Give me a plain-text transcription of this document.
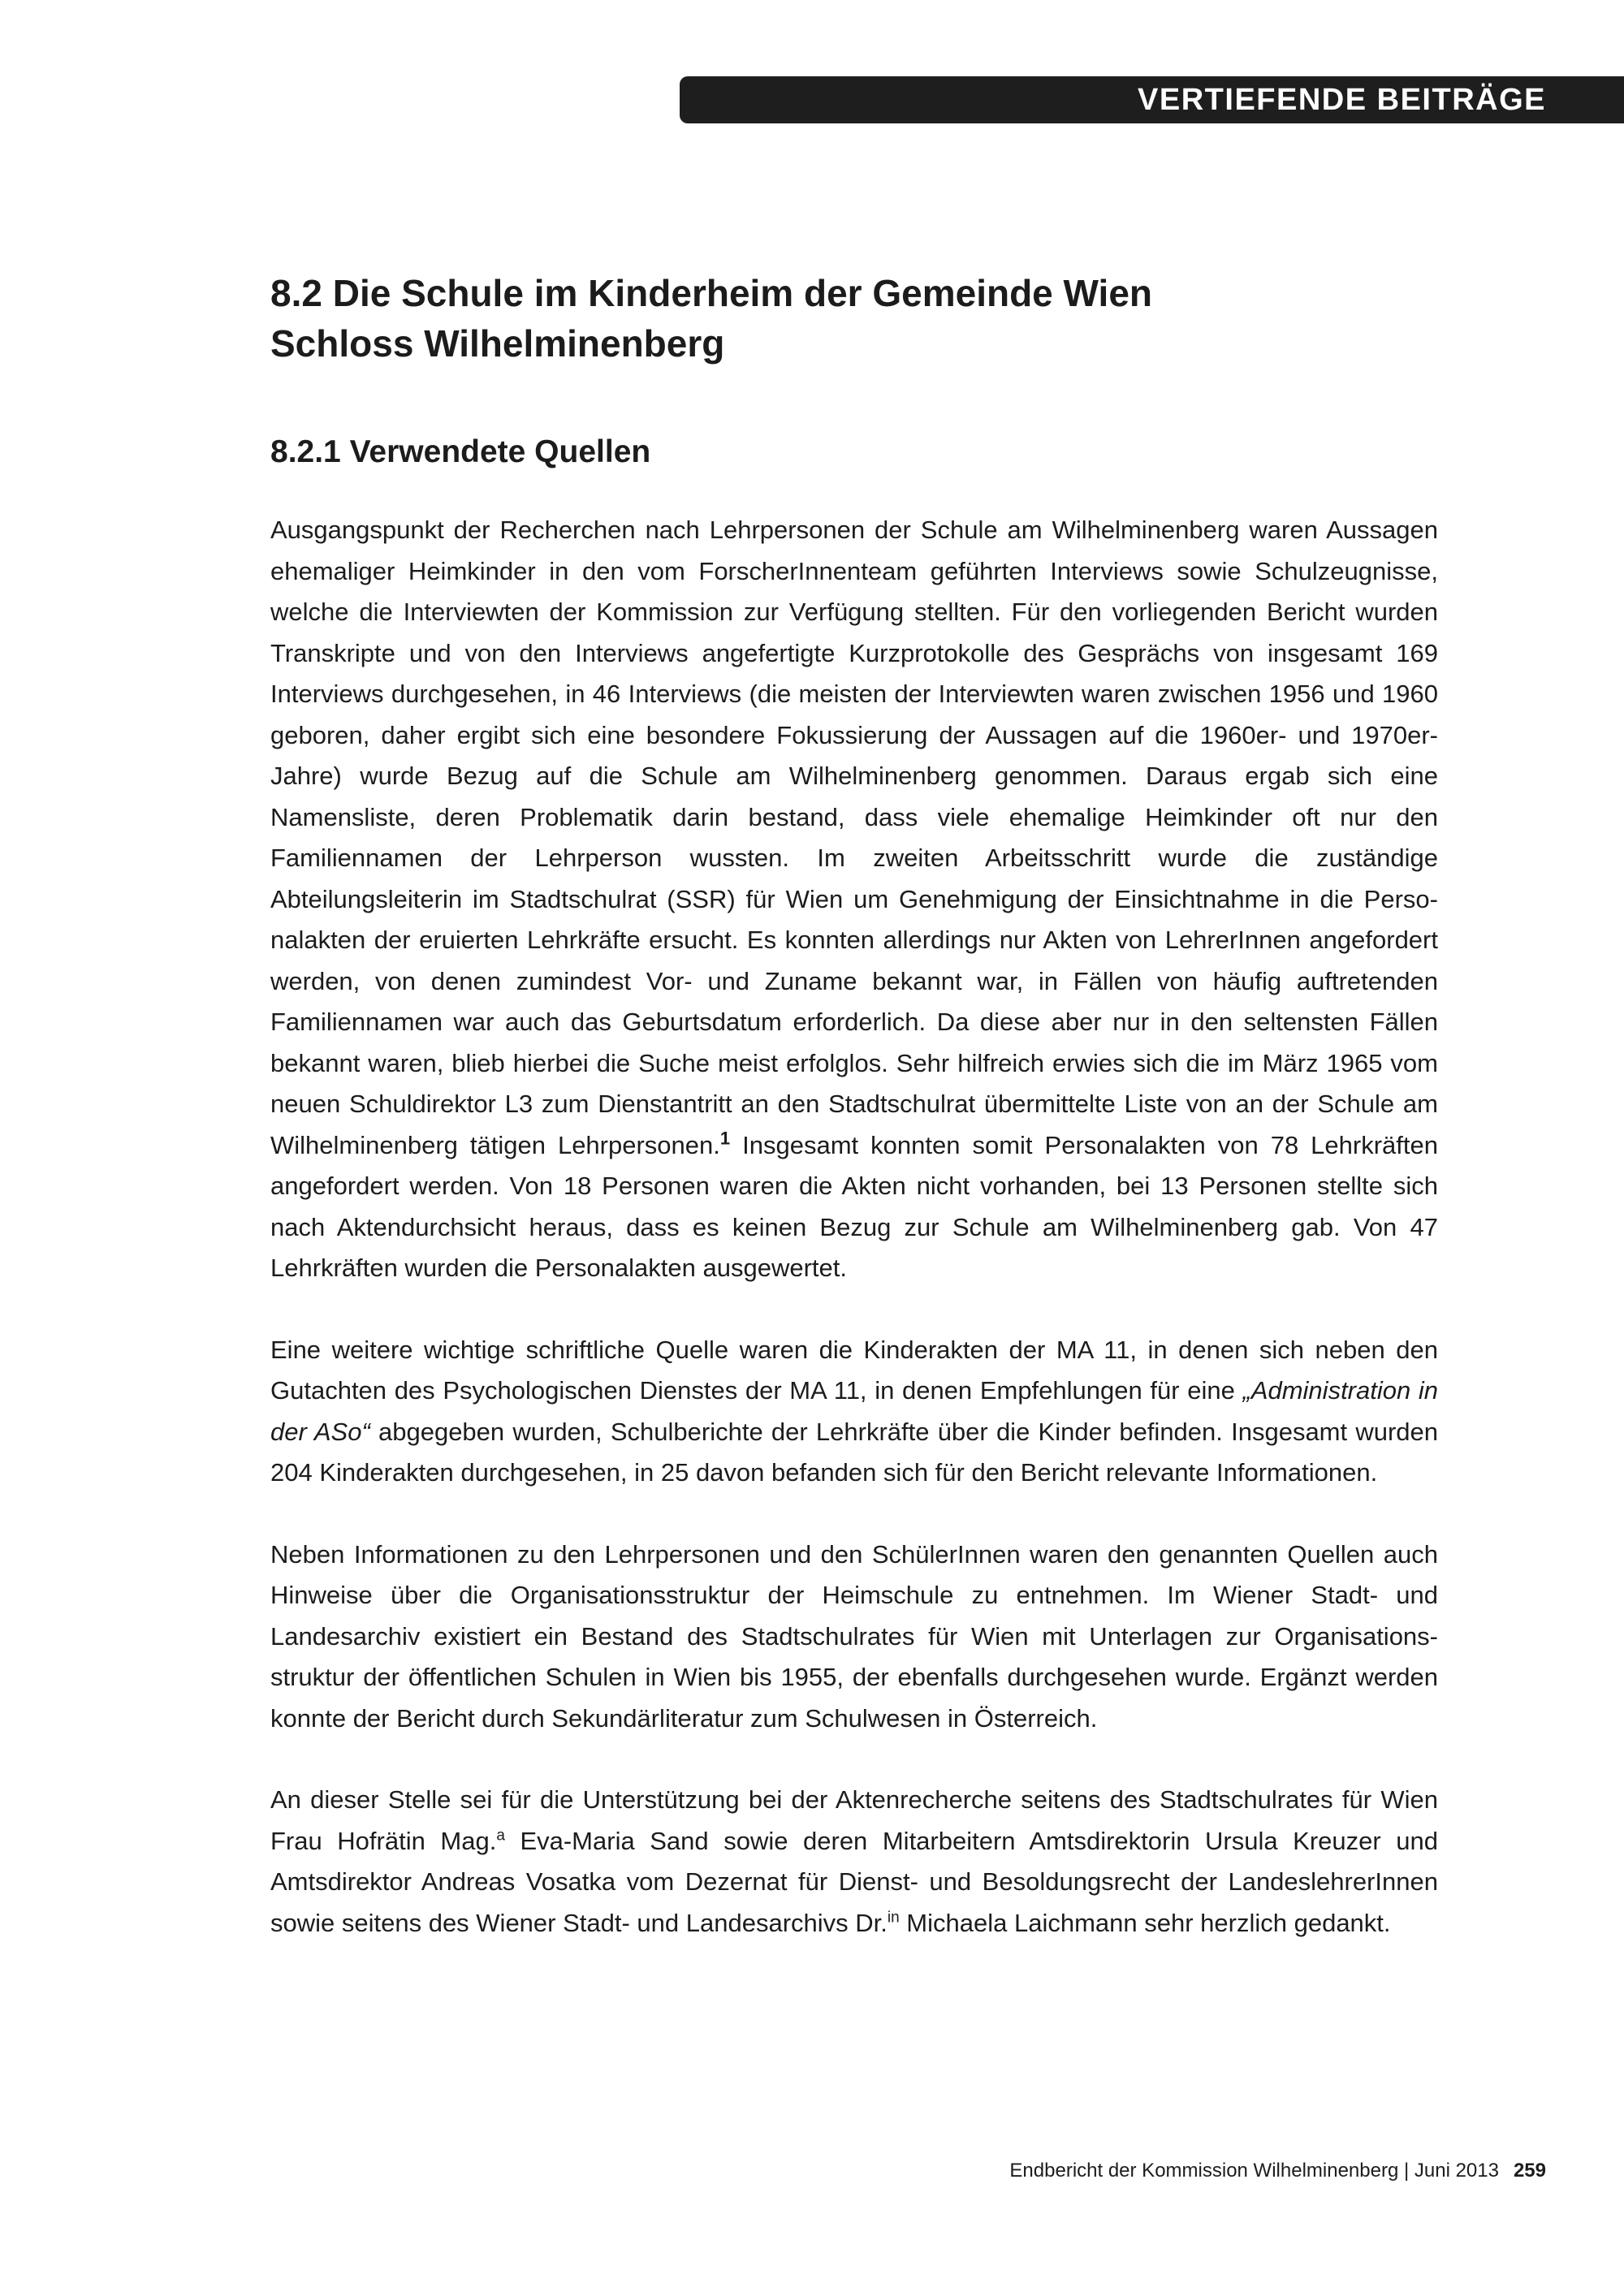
VERTIEFENDE BEITRÄGE
8.2 Die Schule im Kinderheim der Gemeinde Wien
Schloss Wilhelminenberg
8.2.1 Verwendete Quellen

Ausgangspunkt der Recherchen nach Lehrpersonen der Schule am Wilhelminenberg waren Aussagen ehemaliger Heimkinder in den vom ForscherInnenteam geführten Interviews sowie Schulzeugnisse, welche die Interviewten der Kommission zur Verfügung stellten. Für den vorliegenden Bericht wurden Transkripte und von den Interviews angefertigte Kurzprotokolle des Gesprächs von insgesamt 169 Interviews durchgesehen, in 46 Interviews (die meisten der Interviewten waren zwischen 1956 und 1960 geboren, daher ergibt sich eine besondere Fokussierung der Aussagen auf die 1960er- und 1970er-Jahre) wurde Bezug auf die Schule am Wilhelminenberg genommen. Daraus ergab sich eine Namensliste, deren Problematik darin bestand, dass viele ehemalige Heimkinder oft nur den Familiennamen der Lehrperson wussten. Im zweiten Arbeitsschritt wurde die zuständige Abteilungsleiterin im Stadtschulrat (SSR) für Wien um Genehmigung der Einsichtnahme in die Personalakten der eruierten Lehrkräfte ersucht. Es konnten allerdings nur Akten von LehrerInnen angefordert werden, von denen zumindest Vor- und Zuname bekannt war, in Fällen von häufig auftretenden Familiennamen war auch das Geburtsdatum erforderlich. Da diese aber nur in den seltensten Fällen bekannt waren, blieb hierbei die Suche meist erfolglos. Sehr hilfreich erwies sich die im März 1965 vom neuen Schuldirektor L3 zum Dienstantritt an den Stadtschulrat übermittelte Liste von an der Schule am Wilhelminenberg tätigen Lehrpersonen.$^1$ Insgesamt konnten somit Personalakten von 78 Lehrkräften angefordert werden. Von 18 Personen waren die Akten nicht vorhanden, bei 13 Personen stellte sich nach Aktendurchsicht heraus, dass es keinen Bezug zur Schule am Wilhelminenberg gab. Von 47 Lehrkräften wurden die Personalakten ausgewertet.

Eine weitere wichtige schriftliche Quelle waren die Kinderakten der MA 11, in denen sich neben den Gutachten des Psychologischen Dienstes der MA 11, in denen Empfehlungen für eine „Administration in der ASo“ abgegeben wurden, Schulberichte der Lehrkräfte über die Kinder befinden. Insgesamt wurden 204 Kinderakten durchgesehen, in 25 davon befanden sich für den Bericht relevante Informationen.

Neben Informationen zu den Lehrpersonen und den SchülerInnen waren den genannten Quellen auch Hinweise über die Organisationsstruktur der Heimschule zu entnehmen. Im Wiener Stadt- und Landesarchiv existiert ein Bestand des Stadtschulrates für Wien mit Unterlagen zur Organisationsstruktur der öffentlichen Schulen in Wien bis 1955, der ebenfalls durchgesehen wurde. Ergänzt werden konnte der Bericht durch Sekundärliteratur zum Schulwesen in Österreich.

An dieser Stelle sei für die Unterstützung bei der Aktenrecherche seitens des Stadtschulrates für Wien Frau Hofrätin Mag.$^a$ Eva-Maria Sand sowie deren Mitarbeitern Amtsdirektorin Ursula Kreuzer und Amtsdirektor Andreas Vosatka vom Dezernat für Dienst- und Besoldungsrecht der LandeslehrerInnen sowie seitens des Wiener Stadt- und Landesarchivs Dr.$^{in}$ Michaela Laichmann sehr herzlich gedankt.

Endbericht der Kommission Wilhelminenberg | Juni 2013 259
